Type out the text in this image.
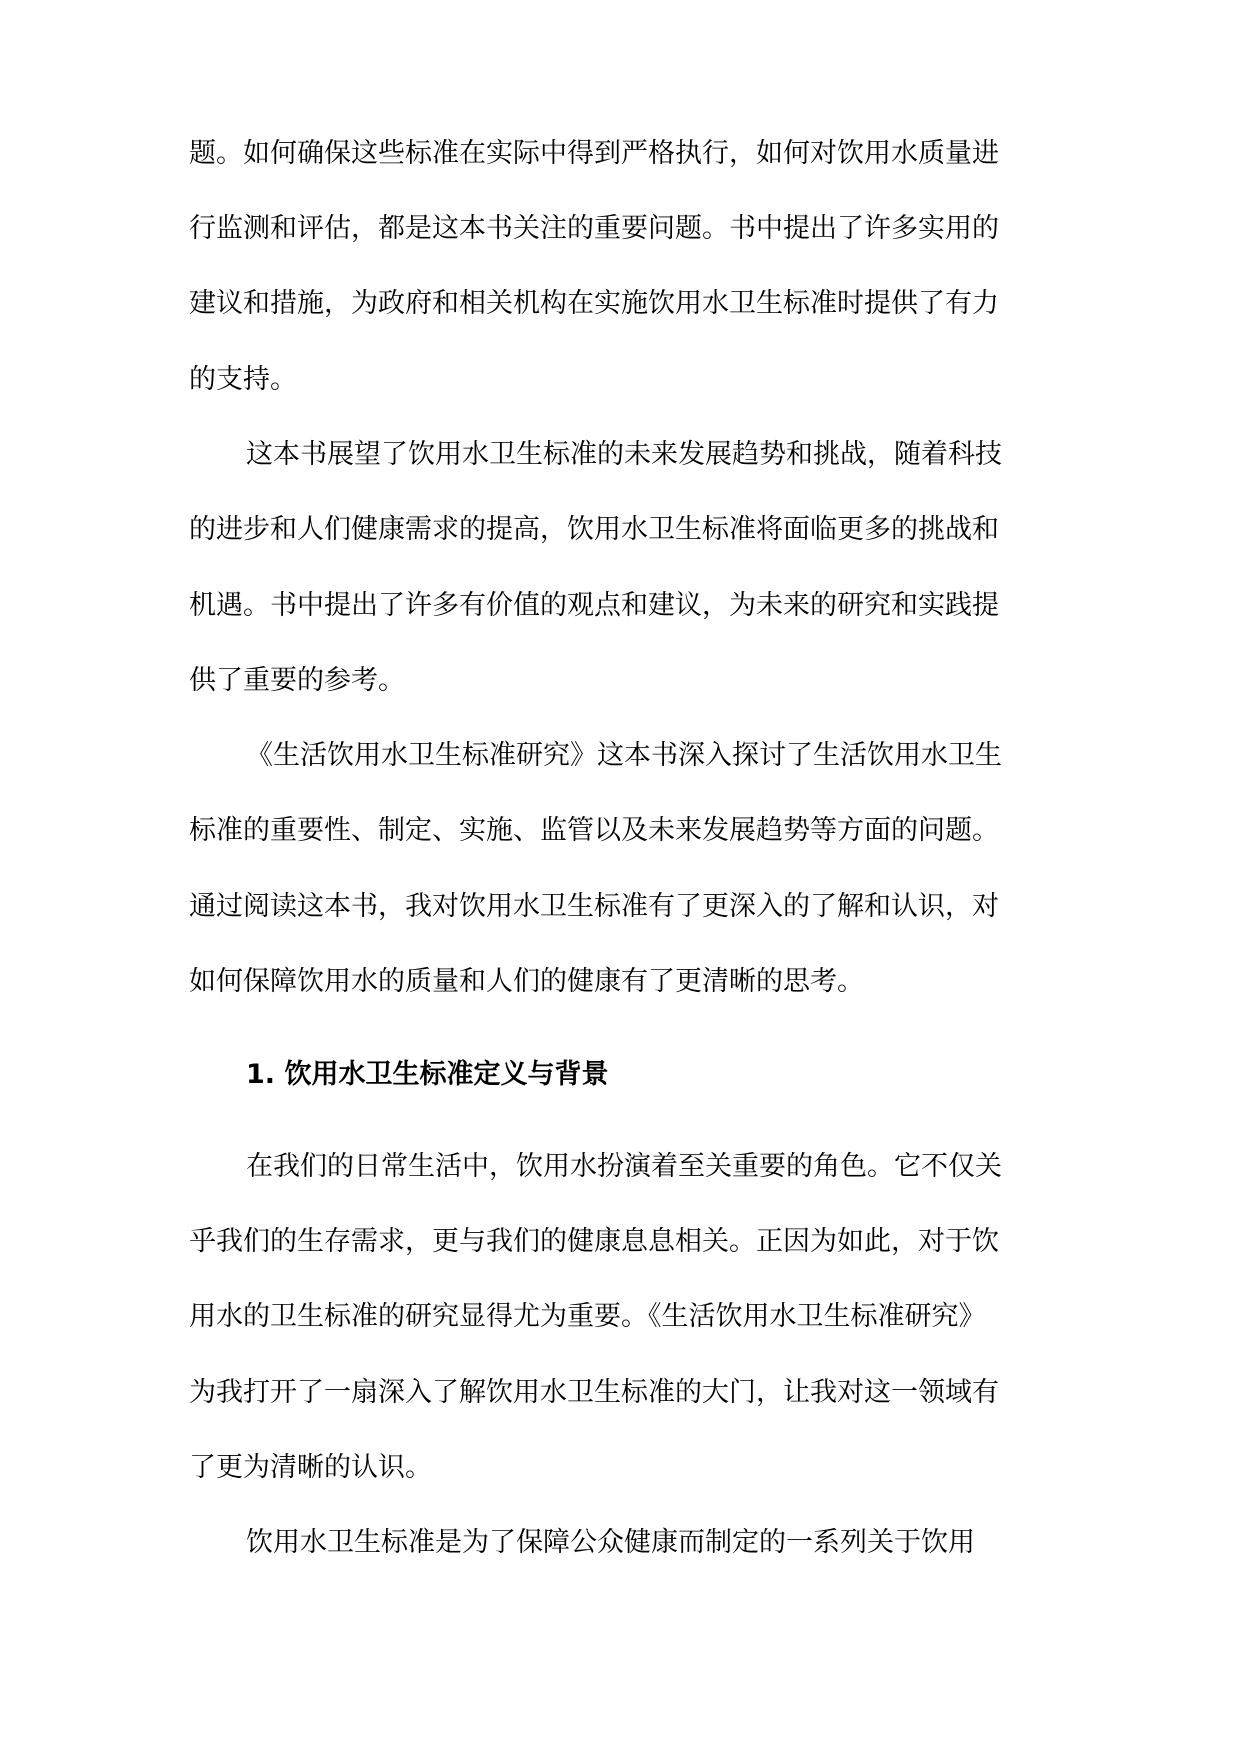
题。如何确保这些标准在实际中得到严格执行，如何对饮用水质量进

行监测和评估，都是这本书关注的重要问题。书中提出了许多实用的

建议和措施，为政府和相关机构在实施饮用水卫生标准时提供了有力

的支持。

这本书展望了饮用水卫生标准的未来发展趋势和挑战，随着科技

的进步和人们健康需求的提高，饮用水卫生标准将面临更多的挑战和

机遇。书中提出了许多有价值的观点和建议，为未来的研究和实践提

供了重要的参考。

《生活饮用水卫生标准研究》这本书深入探讨了生活饮用水卫生

标准的重要性、制定、实施、监管以及未来发展趋势等方面的问题。

通过阅读这本书，我对饮用水卫生标准有了更深入的了解和认识，对

如何保障饮用水的质量和人们的健康有了更清晰的思考。

1. 饮用水卫生标准定义与背景

在我们的日常生活中，饮用水扮演着至关重要的角色。它不仅关

乎我们的生存需求，更与我们的健康息息相关。正因为如此，对于饮

用水的卫生标准的研究显得尤为重要。《生活饮用水卫生标准研究》

为我打开了一扇深入了解饮用水卫生标准的大门，让我对这一领域有

了更为清晰的认识。

饮用水卫生标准是为了保障公众健康而制定的一系列关于饮用
